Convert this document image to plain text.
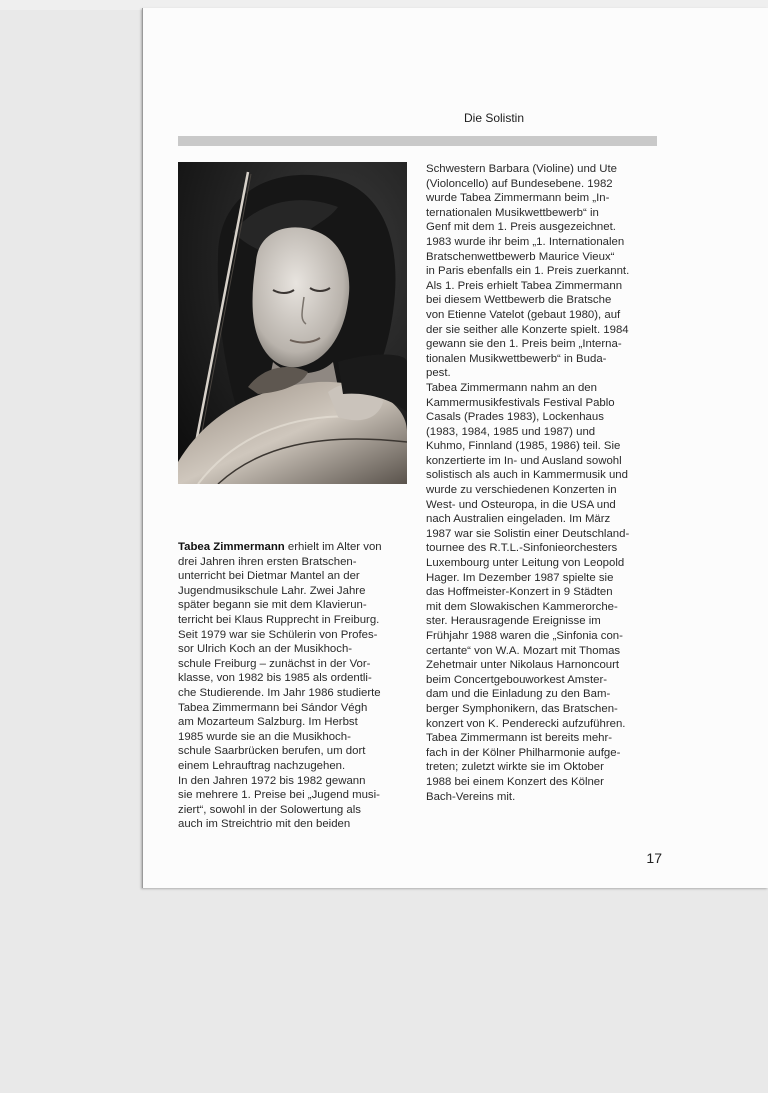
Die Solistin
Tabea Zimmermann erhielt im Alter von
drei Jahren ihren ersten Bratschen-
unterricht bei Dietmar Mantel an der
Jugendmusikschule Lahr. Zwei Jahre
später begann sie mit dem Klavierun-
terricht bei Klaus Rupprecht in Freiburg.
Seit 1979 war sie Schülerin von Profes-
sor Ulrich Koch an der Musikhoch-
schule Freiburg – zunächst in der Vor-
klasse, von 1982 bis 1985 als ordentli-
che Studierende. Im Jahr 1986 studierte
Tabea Zimmermann bei Sándor Végh
am Mozarteum Salzburg. Im Herbst
1985 wurde sie an die Musikhoch-
schule Saarbrücken berufen, um dort
einem Lehrauftrag nachzugehen.
In den Jahren 1972 bis 1982 gewann
sie mehrere 1. Preise bei „Jugend musi-
ziert“, sowohl in der Solowertung als
auch im Streichtrio mit den beiden
Schwestern Barbara (Violine) und Ute
(Violoncello) auf Bundesebene. 1982
wurde Tabea Zimmermann beim „In-
ternationalen Musikwettbewerb“ in
Genf mit dem 1. Preis ausgezeichnet.
1983 wurde ihr beim „1. Internationalen
Bratschenwettbewerb Maurice Vieux“
in Paris ebenfalls ein 1. Preis zuerkannt.
Als 1. Preis erhielt Tabea Zimmermann
bei diesem Wettbewerb die Bratsche
von Etienne Vatelot (gebaut 1980), auf
der sie seither alle Konzerte spielt. 1984
gewann sie den 1. Preis beim „Interna-
tionalen Musikwettbewerb“ in Buda-
pest.
Tabea Zimmermann nahm an den
Kammermusikfestivals Festival Pablo
Casals (Prades 1983), Lockenhaus
(1983, 1984, 1985 und 1987) und
Kuhmo, Finnland (1985, 1986) teil. Sie
konzertierte im In- und Ausland sowohl
solistisch als auch in Kammermusik und
wurde zu verschiedenen Konzerten in
West- und Osteuropa, in die USA und
nach Australien eingeladen. Im März
1987 war sie Solistin einer Deutschland-
tournee des R.T.L.-Sinfonieorchesters
Luxembourg unter Leitung von Leopold
Hager. Im Dezember 1987 spielte sie
das Hoffmeister-Konzert in 9 Städten
mit dem Slowakischen Kammerorche-
ster. Herausragende Ereignisse im
Frühjahr 1988 waren die „Sinfonia con-
certante“ von W.A. Mozart mit Thomas
Zehetmair unter Nikolaus Harnoncourt
beim Concertgebouworkest Amster-
dam und die Einladung zu den Bam-
berger Symphonikern, das Bratschen-
konzert von K. Penderecki aufzuführen.
Tabea Zimmermann ist bereits mehr-
fach in der Kölner Philharmonie aufge-
treten; zuletzt wirkte sie im Oktober
1988 bei einem Konzert des Kölner
Bach-Vereins mit.
17
